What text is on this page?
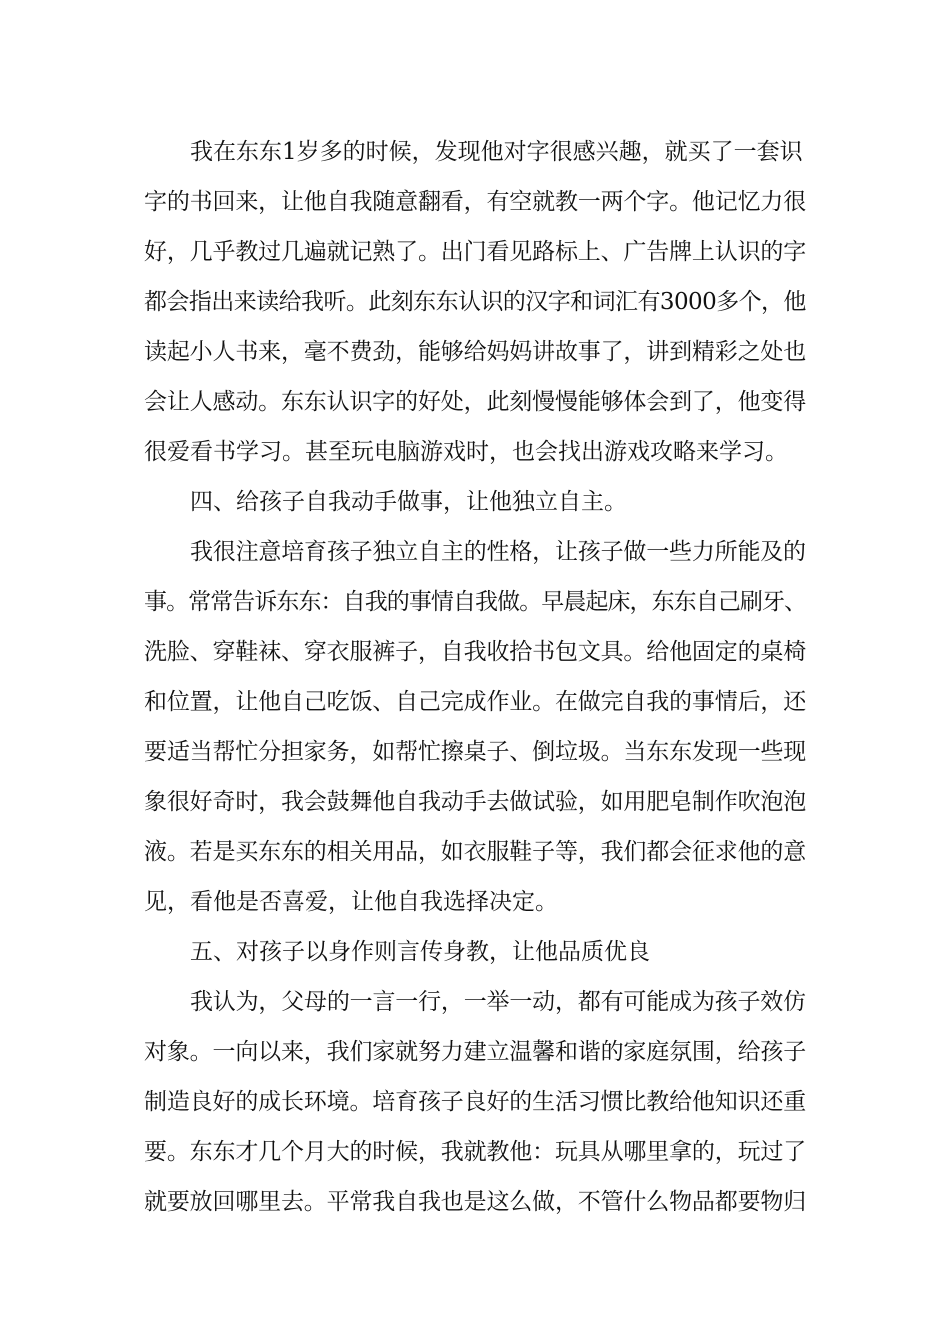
我在东东1岁多的时候，发现他对字很感兴趣，就买了一套识
字的书回来，让他自我随意翻看，有空就教一两个字。他记忆力很
好，几乎教过几遍就记熟了。出门看见路标上、广告牌上认识的字
都会指出来读给我听。此刻东东认识的汉字和词汇有3000多个，他
读起小人书来，毫不费劲，能够给妈妈讲故事了，讲到精彩之处也
会让人感动。东东认识字的好处，此刻慢慢能够体会到了，他变得
很爱看书学习。甚至玩电脑游戏时，也会找出游戏攻略来学习。
四、给孩子自我动手做事，让他独立自主。
我很注意培育孩子独立自主的性格，让孩子做一些力所能及的
事。常常告诉东东：自我的事情自我做。早晨起床，东东自己刷牙、
洗脸、穿鞋袜、穿衣服裤子，自我收拾书包文具。给他固定的桌椅
和位置，让他自己吃饭、自己完成作业。在做完自我的事情后，还
要适当帮忙分担家务，如帮忙擦桌子、倒垃圾。当东东发现一些现
象很好奇时，我会鼓舞他自我动手去做试验，如用肥皂制作吹泡泡
液。若是买东东的相关用品，如衣服鞋子等，我们都会征求他的意
见，看他是否喜爱，让他自我选择决定。
五、对孩子以身作则言传身教，让他品质优良
我认为，父母的一言一行，一举一动，都有可能成为孩子效仿
对象。一向以来，我们家就努力建立温馨和谐的家庭氛围，给孩子
制造良好的成长环境。培育孩子良好的生活习惯比教给他知识还重
要。东东才几个月大的时候，我就教他：玩具从哪里拿的，玩过了
就要放回哪里去。平常我自我也是这么做，不管什么物品都要物归
